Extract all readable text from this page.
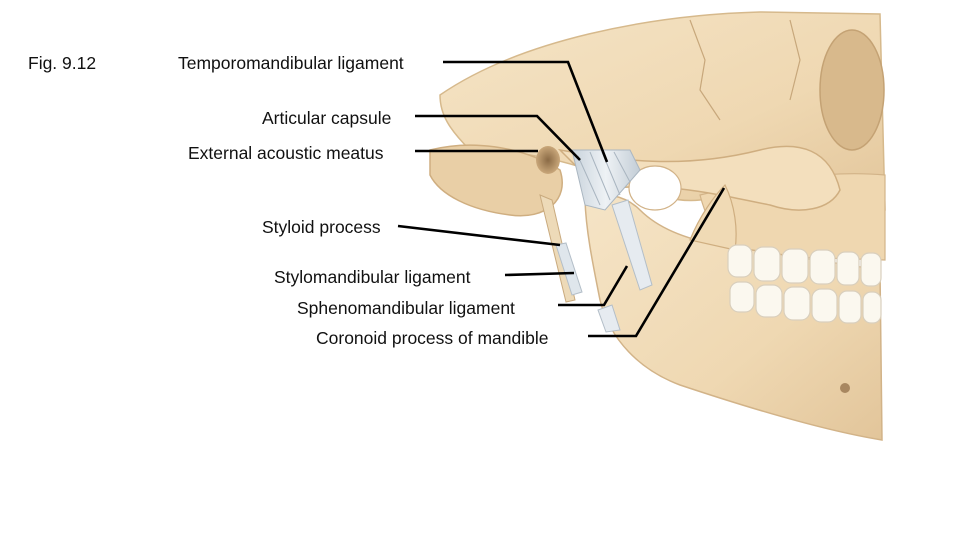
Fig. 9.12	Temporomandibular ligament
Articular capsule
External acoustic meatus
Styloid process
Stylomandibular ligament
Sphenomandibular ligament
Coronoid process of mandible
